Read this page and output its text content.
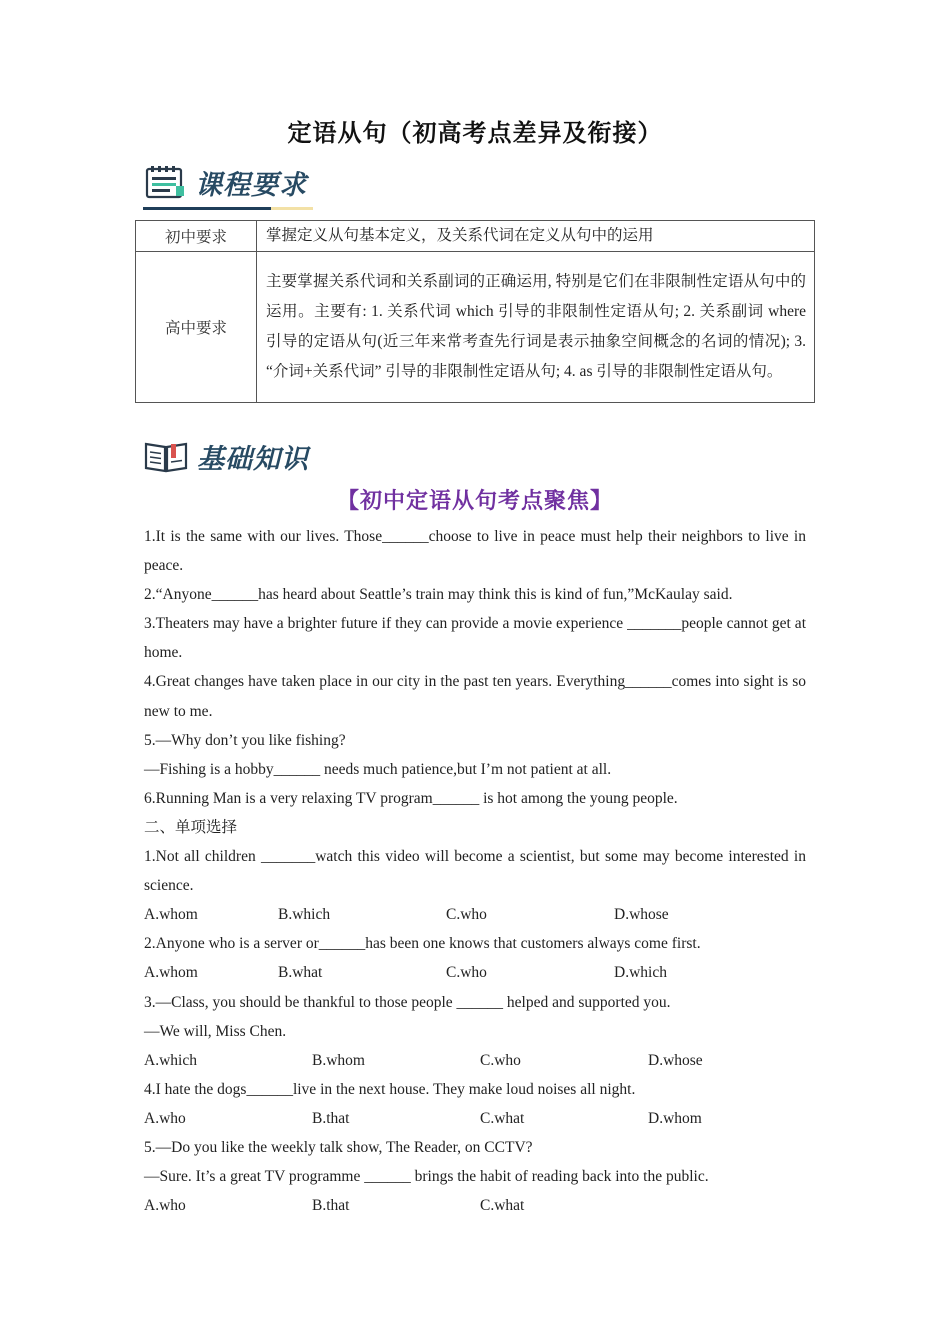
定语从句（初高考点差异及衔接）
课程要求
初中要求	掌握定义从句基本定义，及关系代词在定义从句中的运用
高中要求	主要掌握关系代词和关系副词的正确运用, 特别是它们在非限制性定语从句中的运用。主要有: 1. 关系代词 which 引导的非限制性定语从句; 2. 关系副词 where 引导的定语从句(近三年来常考查先行词是表示抽象空间概念的名词的情况); 3. “介词+关系代词” 引导的非限制性定语从句; 4. as 引导的非限制性定语从句。
基础知识
【初中定语从句考点聚焦】

1.It is the same with our lives. Those______choose to live in peace must help their neighbors to live in peace.

2.“Anyone______has heard about Seattle’s train may think this is kind of fun,”McKaulay said.

3.Theaters may have a brighter future if they can provide a movie experience _______people cannot get at home.

4.Great changes have taken place in our city in the past ten years. Everything______comes into sight is so new to me.

5.—Why don’t you like fishing?

—Fishing is a hobby______ needs much patience,but I’m not patient at all.

6.Running Man is a very relaxing TV program______ is hot among the young people.

二、单项选择

1.Not all children _______watch this video will become a scientist, but some may become interested in science.

A.whom	B.which	C.who	D.whose

2.Anyone who is a server or______has been one knows that customers always come first.

A.whom	B.what	C.who	D.which

3.—Class, you should be thankful to those people ______ helped and supported you.

—We will, Miss Chen.

A.which	B.whom	C.who	D.whose

4.I hate the dogs______live in the next house. They make loud noises all night.

A.who	B.that	C.what	D.whom

5.—Do you like the weekly talk show, The Reader, on CCTV?

—Sure. It’s a great TV programme ______ brings the habit of reading back into the public.

A.who	B.that	C.what
